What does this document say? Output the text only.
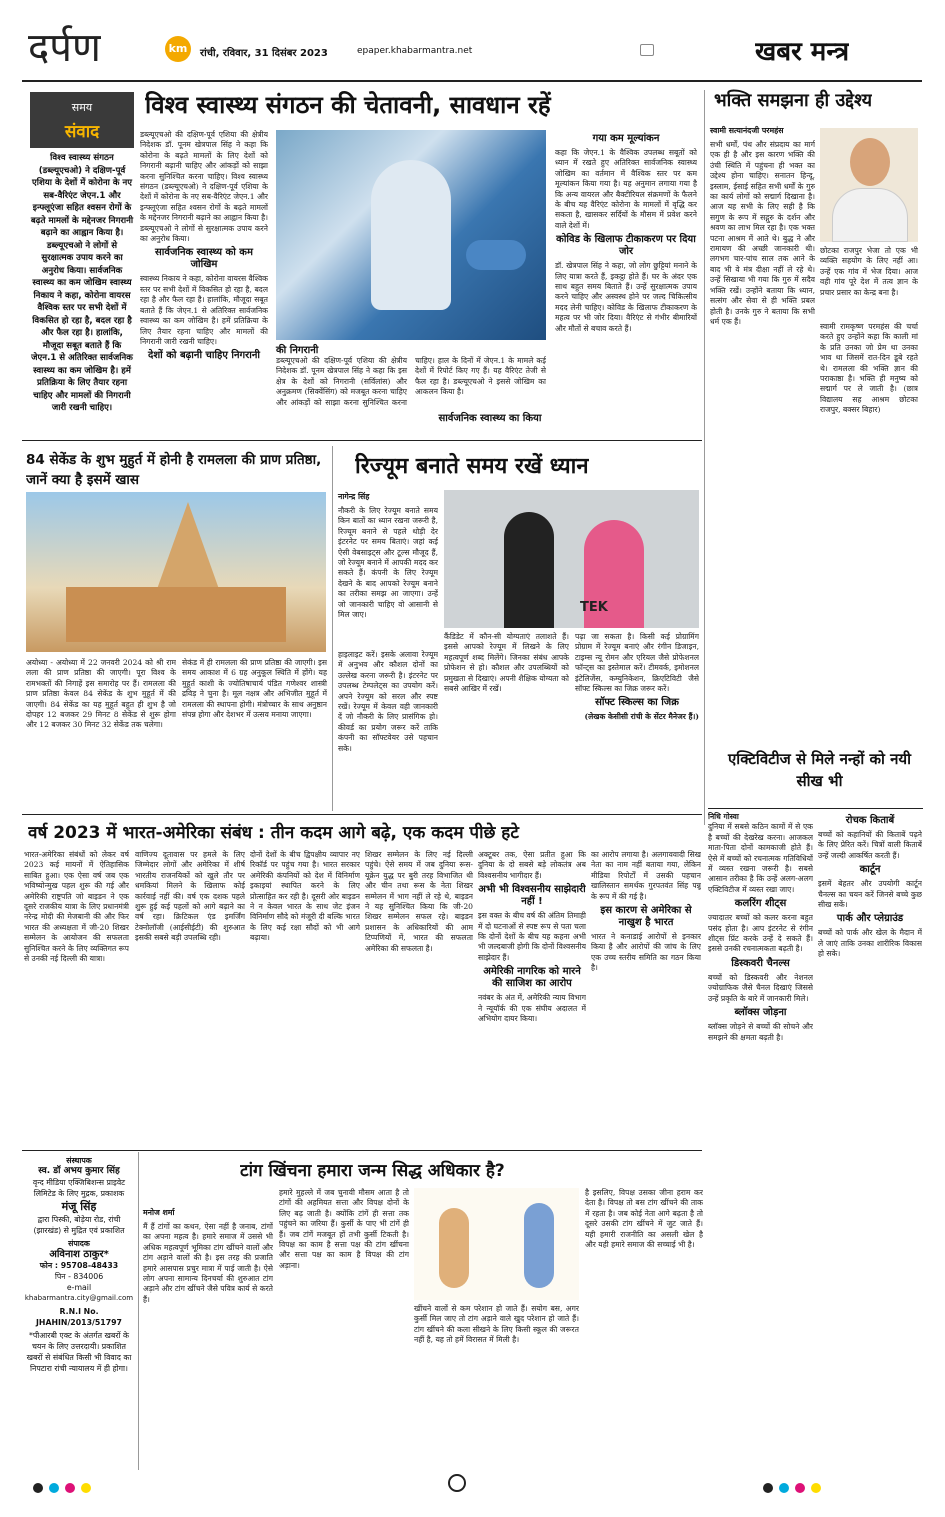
दर्पण	km	रांची, रविवार, 31 दिसंबर 2023	epaper.khabarmantra.net	खबर मन्त्र
समय
संवाद
विश्व स्वास्थ्य संगठन (डब्ल्यूएचओ) ने दक्षिण-पूर्व एशिया के देशों में कोरोना के नए सब-वैरिएंट जेएन.1 और इन्फ्लूएंजा सहित श्वसन रोगों के बढ़ते मामलों के मद्देनजर निगरानी बढ़ाने का आह्वान किया है। डब्ल्यूएचओ ने लोगों से सुरक्षात्मक उपाय करने का अनुरोध किया। सार्वजनिक स्वास्थ्य का कम जोखिम स्वास्थ्य निकाय ने कहा, कोरोना वायरस वैश्विक स्तर पर सभी देशों में विकसित हो रहा है, बदल रहा है और फैल रहा है। हालांकि, मौजूदा सबूत बताते हैं कि जेएन.1 से अतिरिक्त सार्वजनिक स्वास्थ्य का कम जोखिम है। हमें प्रतिक्रिया के लिए तैयार रहना चाहिए और मामलों की निगरानी जारी रखनी चाहिए।
विश्व स्वास्थ्य संगठन की चेतावनी, सावधान रहें

डब्ल्यूएचओ की दक्षिण-पूर्व एशिया की क्षेत्रीय निदेशक डॉ. पूनम खेत्रपाल सिंह ने कहा कि कोरोना के बढ़ते मामलों के लिए देशों को निगरानी बढ़ानी चाहिए और आंकड़ों को साझा करना सुनिश्चित करना चाहिए। विश्व स्वास्थ्य संगठन (डब्ल्यूएचओ) ने दक्षिण-पूर्व एशिया के देशों में कोरोना के नए सब-वैरिएंट जेएन.1 और इन्फ्लूएंजा सहित श्वसन रोगों के बढ़ते मामलों के मद्देनजर निगरानी बढ़ाने का आह्वान किया है। डब्ल्यूएचओ ने लोगों से सुरक्षात्मक उपाय करने का अनुरोध किया।

सार्वजनिक स्वास्थ्य को कम जोखिम

स्वास्थ्य निकाय ने कहा, कोरोना वायरस वैश्विक स्तर पर सभी देशों में विकसित हो रहा है, बदल रहा है और फैल रहा है। हालांकि, मौजूदा सबूत बताते हैं कि जेएन.1 से अतिरिक्त सार्वजनिक स्वास्थ्य का कम जोखिम है। हमें प्रतिक्रिया के लिए तैयार रहना चाहिए और मामलों की निगरानी जारी रखनी चाहिए।

देशों को बढ़ानी चाहिए निगरानी	की निगरानी
डब्ल्यूएचओ की दक्षिण-पूर्व एशिया की क्षेत्रीय निदेशक डॉ. पूनम खेत्रपाल सिंह ने कहा कि इस क्षेत्र के देशों को निगरानी (सर्विलांस) और अनुक्रमण (सिक्वेंसिंग) को मजबूत करना चाहिए और आंकड़ों को साझा करना सुनिश्चित करना चाहिए। हाल के दिनों में जेएन.1 के मामले कई देशों में रिपोर्ट किए गए हैं। यह वैरिएंट तेजी से फैल रहा है। डब्ल्यूएचओ ने इससे जोखिम का आकलन किया है।
सार्वजनिक स्वास्थ्य का किया
गया कम मूल्यांकन

कहा कि जेएन.1 के वैश्विक उपलब्ध सबूतों को ध्यान में रखते हुए अतिरिक्त सार्वजनिक स्वास्थ्य जोखिम का वर्तमान में वैश्विक स्तर पर कम मूल्यांकन किया गया है। यह अनुमान लगाया गया है कि अन्य वायरल और बैक्टीरियल संक्रमणों के फैलने के बीच यह वैरिएंट कोरोना के मामलों में वृद्धि कर सकता है, खासकर सर्दियों के मौसम में प्रवेश करने वाले देशों में।

कोविड के खिलाफ टीकाकरण पर दिया जोर

डॉ. खेत्रपाल सिंह ने कहा, जो लोग छुट्टियां मनाने के लिए यात्रा करते हैं, इकट्ठा होते हैं। घर के अंदर एक साथ बहुत समय बिताते हैं। उन्हें सुरक्षात्मक उपाय करने चाहिए और अस्वस्थ होने पर जल्द चिकित्सीय मदद लेनी चाहिए। कोविड के खिलाफ टीकाकरण के महत्व पर भी जोर दिया। वैरिएंट से गंभीर बीमारियों और मौतों से बचाव करते हैं।

भक्ति समझना ही उद्देश्य
स्वामी सत्यानंदजी परमहंस
सभी धर्मों, पंथ और संप्रदाय का मार्ग एक ही है और इस कारण भक्ति की उंची स्थिति में पहुंचना ही भक्त का उद्देश्य होना चाहिए। सनातन हिन्दू, इस्लाम, ईसाई सहित सभी धर्मों के गुरु का कार्य लोगों को सद्मार्ग दिखाना है। आज यह सभी के लिए सही है कि सगुण के रूप में सद्गुरु के दर्शन और श्रवण का लाभ मिल रहा है। एक भक्त पटना आश्रम में आते थे। बुद्ध ने और रामायण की अच्छी जानकारी थी। लगभग चार-पांच साल तक आने के बाद भी वे मंत्र दीक्षा नहीं ले रहे थे। उन्हें सिखाया भी गया कि गुरु में सदैव भक्ति रखें। उन्होंने बताया कि ध्यान, सत्संग और सेवा से ही भक्ति प्रबल होती है। उनके गुरु ने बताया कि सभी धर्म एक हैं।
छोटका राजपुर भेजा तो एक भी व्यक्ति सहयोग के लिए नहीं आ। उन्हें एक गांव में भेज दिया। आज वही गांव पूरे देश में तत्व ज्ञान के प्रचार प्रसार का केन्द्र बना है।
स्वामी रामकृष्ण परमहंस की चर्चा करते हुए उन्होंने कहा कि काली मां के प्रति उनका जो प्रेम था उनका भाव था जिसमें रात-दिन डूबे रहते थे। रामलला की भक्ति ज्ञान की पराकाष्ठा है। भक्ति ही मनुष्य को सद्मार्ग पर ले जाती है। (छात्र विद्यालय सह आश्रम छोटका राजपुर, बक्सर बिहार)
84 सेकेंड के शुभ मुहुर्त में होनी है रामलला की प्राण प्रतिष्ठा, जानें क्या है इसमें खास
अयोध्या - अयोध्या में 22 जनवरी 2024 को श्री राम लला की प्राण प्रतिष्ठा की जाएगी। पूरा विश्व के रामभक्तों की निगाहें इस समारोह पर हैं। रामलला की प्राण प्रतिष्ठा केवल 84 सेकेंड के शुभ मुहूर्त में की जाएगी। 84 सेकेंड का यह मुहूर्त बहुत ही शुभ है जो दोपहर 12 बजकर 29 मिनट 8 सेकेंड से शुरू होगा और 12 बजकर 30 मिनट 32 सेकेंड तक चलेगा।
सेकंड में ही रामलला की प्राण प्रतिष्ठा की जाएगी। इस समय आकाश में 6 ग्रह अनुकूल स्थिति में होंगे। यह मुहूर्त काशी के ज्योतिषाचार्य पंडित गणेश्वर शास्त्री द्रविड़ ने चुना है। मूल नक्षत्र और अभिजीत मुहूर्त में रामलला की स्थापना होगी। मंत्रोच्चार के साथ अनुष्ठान संपन्न होगा और देशभर में उत्सव मनाया जाएगा।
रिज्यूम बनाते समय रखें ध्यान
नागेन्द्र सिंह
नौकरी के लिए रेज्यूम बनाते समय किन बातों का ध्यान रखना जरूरी है, रिज्यूम बनाने से पहले थोड़ी देर इंटरनेट पर समय बिताएं। जहां कई ऐसी वेबसाइट्स और टूल्स मौजूद हैं, जो रेज्यूम बनाने में आपकी मदद कर सकते हैं। कंपनी के लिए रेज्यूम देखने के बाद आपको रेज्यूम बनाने का तरीका समझ आ जाएगा। उन्हें जो जानकारी चाहिए वो आसानी से मिल जाए।	TEK
हाइलाइट करें। इसके अलावा रेज्यूम में अनुभव और कौशल दोनों का उल्लेख करना जरूरी है। इंटरनेट पर उपलब्ध टेम्पलेट्स का उपयोग करें। अपने रेज्यूम को सरल और स्पष्ट रखें। रेज्यूम में केवल वही जानकारी दें जो नौकरी के लिए प्रासंगिक हो। कीवर्ड का प्रयोग जरूर करें ताकि कंपनी का सॉफ्टवेयर उसे पहचान सके।
कैंडिडेट में कौन-सी योग्यताएं तलाशते हैं। इससे आपको रेज्यूम में लिखने के लिए महत्वपूर्ण शब्द मिलेंगे। जिनका संबंध आपके प्रोफेशन से हो। कौशल और उपलब्धियों को प्रमुखता से दिखाएं। अपनी शैक्षिक योग्यता को सबसे आखिर में रखें।

पढ़ा जा सकता है। किसी कई प्रोग्रामिंग प्रोग्राम में रेज्यूम बनाएं और रंगीन डिजाइन, टाइम्स न्यू रोमन और एरियल जैसे प्रोफेशनल फॉन्ट्स का इस्तेमाल करें। टीमवर्क, इमोशनल इंटेलिजेंस, कम्युनिकेशन, क्रिएटिविटी जैसे सॉफ्ट स्किल्स का जिक्र जरूर करें।

सॉफ्ट स्किल्स का जिक्र
(लेखक केसीसी रांची के सेंटर मैनेजर हैं।)
एक्टिविटीज से मिले नन्हों को नयी सीख भी
निधि गोस्वा

दुनिया में सबसे कठिन कामों में से एक है बच्चों की देखरेख करना। आजकल माता-पिता दोनों कामकाजी होते हैं। ऐसे में बच्चों को रचनात्मक गतिविधियों में व्यस्त रखना जरूरी है। सबसे आसान तरीका है कि उन्हें अलग-अलग एक्टिविटीज में व्यस्त रखा जाए।

कलरिंग शीट्स

ज्यादातर बच्चों को कलर करना बहुत पसंद होता है। आप इंटरनेट से रंगीन शीट्स प्रिंट करके उन्हें दे सकते हैं। इससे उनकी रचनात्मकता बढ़ती है।

डिस्कवरी चैनल्स

बच्चों को डिस्कवरी और नेशनल ज्योग्राफिक जैसे चैनल दिखाएं जिससे उन्हें प्रकृति के बारे में जानकारी मिले।

ब्लॉक्स जोड़ना

ब्लॉक्स जोड़ने से बच्चों की सोचने और समझने की क्षमता बढ़ती है।

रोचक किताबें

बच्चों को कहानियों की किताबें पढ़ने के लिए प्रेरित करें। चित्रों वाली किताबें उन्हें जल्दी आकर्षित करती हैं।

कार्टून

इसमें बेहतर और उपयोगी कार्टून चैनल्स का चयन करें जिनसे बच्चे कुछ सीख सकें।

पार्क और प्लेग्राउंड

बच्चों को पार्क और खेल के मैदान में ले जाएं ताकि उनका शारीरिक विकास हो सके।

वर्ष 2023 में भारत-अमेरिका संबंध : तीन कदम आगे बढ़े, एक कदम पीछे हटे
भारत-अमेरिका संबंधों को लेकर वर्ष 2023 कई मायनों में ऐतिहासिक साबित हुआ। एक ऐसा वर्ष जब एक भविष्योन्मुख पहल शुरू की गई और अमेरिकी राष्ट्रपति जो बाइडन ने एक दूसरे राजकीय यात्रा के लिए प्रधानमंत्री नरेन्द्र मोदी की मेजबानी की और फिर भारत की अध्यक्षता में जी-20 शिखर सम्मेलन के आयोजन की सफलता सुनिश्चित करने के लिए व्यक्तिगत रूप से उनकी नई दिल्ली की यात्रा।
वाणिज्य दूतावास पर हमले के लिए जिम्मेदार लोगों और अमेरिका में शीर्ष भारतीय राजनयिकों को खुले तौर पर धमकियां मिलने के खिलाफ कोई कार्रवाई नहीं की। वर्ष एक दशक पहले शुरू हुई कई पहलों को आगे बढ़ाने का वर्ष रहा। क्रिटिकल एंड इमर्जिंग टेक्नोलॉजी (आईसीईटी) की शुरुआत इसकी सबसे बड़ी उपलब्धि रही।
दोनों देशों के बीच द्विपक्षीय व्यापार नए रिकॉर्ड पर पहुंच गया है। भारत सरकार अमेरिकी कंपनियों को देश में विनिर्माण इकाइयां स्थापित करने के लिए प्रोत्साहित कर रही है। दूसरी ओर बाइडन ने न केवल भारत के साथ जेट इंजन विनिर्माण सौदे को मंजूरी दी बल्कि भारत के लिए कई रक्षा सौदों को भी आगे बढ़ाया।
शिखर सम्मेलन के लिए नई दिल्ली पहुंचे। ऐसे समय में जब दुनिया रूस-यूक्रेन युद्ध पर बुरी तरह विभाजित थी और चीन तथा रूस के नेता शिखर सम्मेलन में भाग नहीं ले रहे थे, बाइडन ने यह सुनिश्चित किया कि जी-20 शिखर सम्मेलन सफल रहे। बाइडन प्रशासन के अधिकारियों की आम टिप्पणियों में, भारत की सफलता अमेरिका की सफलता है।

अक्टूबर तक, ऐसा प्रतीत हुआ कि दुनिया के दो सबसे बड़े लोकतंत्र अब विश्वसनीय भागीदार हैं।

अभी भी विश्वसनीय साझेदारी नहीं !

इस वक्त के बीच वर्ष की अंतिम तिमाही में दो घटनाओं से स्पष्ट रूप से पता चला कि दोनों देशों के बीच यह कहना अभी भी जल्दबाजी होगी कि दोनों विश्वसनीय साझेदार हैं।

अमेरिकी नागरिक को मारने की साजिश का आरोप

नवंबर के अंत में, अमेरिकी न्याय विभाग ने न्यूयॉर्क की एक संघीय अदालत में अभियोग दायर किया।

का आरोप लगाया है। अलगाववादी सिख नेता का नाम नहीं बताया गया, लेकिन मीडिया रिपोर्टों में उसकी पहचान खालिस्तान समर्थक गुरपतवंत सिंह पन्नू के रूप में की गई है।

इस कारण से अमेरिका से नाखुश है भारत

भारत ने कनाडाई आरोपों से इनकार किया है और आरोपों की जांच के लिए एक उच्च स्तरीय समिति का गठन किया है।

संस्थापक
स्व. डॉ अभय कुमार सिंह
वृन्द मीडिया एक्जिबिशन्स प्राइवेट लिमिटेड के लिए मुद्रक, प्रकाशक
मंजू सिंह
द्वारा पिस्की, बोड़ेया रोड, रांची (झारखंड) से मुद्रित एवं प्रकाशित
संपादक
अविनाश ठाकुर*
फोन : 95708-48433
पिन - 834006
e-mail
khabarmantra.city@gmail.com
R.N.I No. JHAHIN/2013/51797
*पीआरबी एक्ट के अंतर्गत खबरों के चयन के लिए उत्तरदायी। प्रकाशित खबरों से संबंधित किसी भी विवाद का निपटारा रांची न्यायालय में ही होगा।
टांग खिंचना हमारा जन्म सिद्ध अधिकार है?
मनोज शर्मा
मैं हैं टांगों का कथन, ऐसा नहीं है जनाब, टांगों का अपना महत्व है। हमारे समाज में उससे भी अधिक महत्वपूर्ण भूमिका टांग खींचने वालों और टांग अड़ाने वालों की है। इस तरह की प्रजाति हमारे आसपास प्रचुर मात्रा में पाई जाती है। ऐसे लोग अपना सामान्य दिनचर्या की शुरुआत टांग अड़ाने और टांग खींचने जैसे पवित्र कार्य से करते हैं।
हमारे मुहल्ले में जब चुनावी मौसम आता है तो टांगों की अहमियत सत्ता और विपक्ष दोनों के लिए बढ़ जाती है। क्योंकि टांगें ही सत्ता तक पहुंचने का जरिया हैं। कुर्सी के पाए भी टांगें ही हैं। जब टांगें मजबूत हों तभी कुर्सी टिकती है। विपक्ष का काम है सत्ता पक्ष की टांग खींचना और सत्ता पक्ष का काम है विपक्ष की टांग अड़ाना।
खींचने वालों से कम परेशान हो जाते हैं। सयोग बस, अगर कुर्सी मिल जाए तो टांग अड़ाने वाले खुद परेशान हो जाते हैं। टांग खींचने की कला सीखने के लिए किसी स्कूल की जरूरत नहीं है, यह तो हमें विरासत में मिली है।
है इसलिए, विपक्ष उसका जीना हराम कर देता है। विपक्ष तो बस टांग खींचने की ताक में रहता है। जब कोई नेता आगे बढ़ता है तो दूसरे उसकी टांग खींचने में जुट जाते हैं। यही हमारी राजनीति का असली खेल है और यही हमारे समाज की सच्चाई भी है।
